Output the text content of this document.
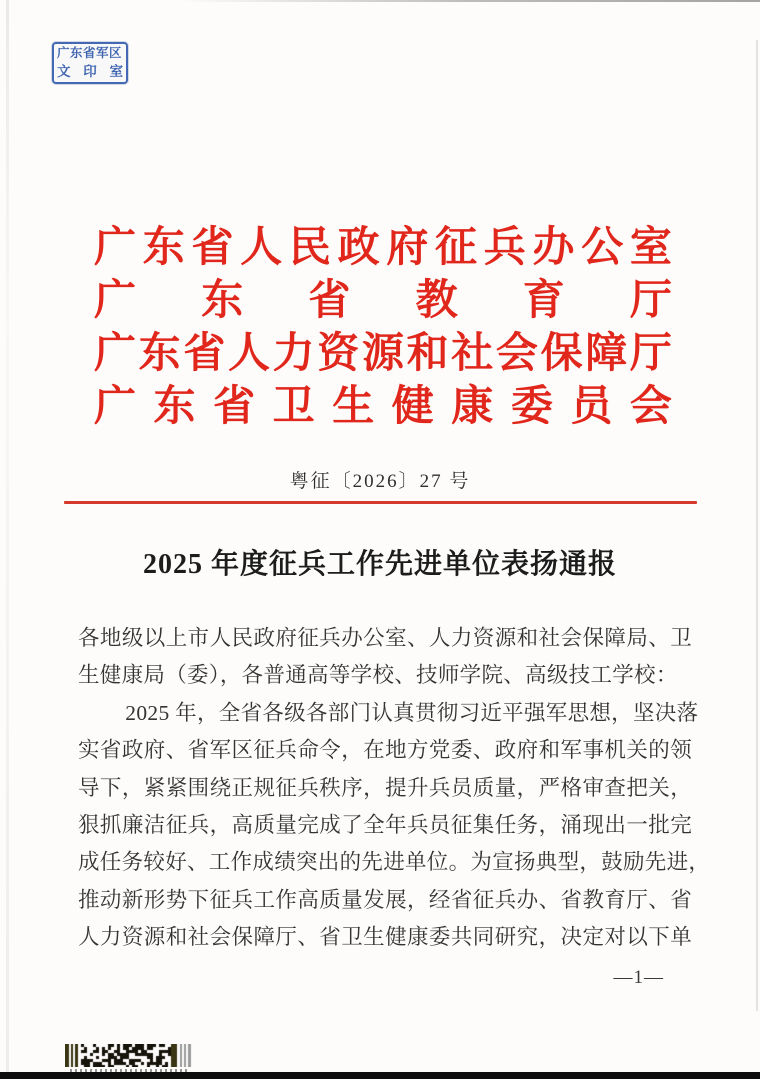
广东省军区
文 印 室
广 东 省 人 民 政 府 征 兵 办 公 室
广 东 省 教 育 厅
广 东 省 人 力 资 源 和 社 会 保 障 厅
广 东 省 卫 生 健 康 委 员 会
粤征〔2026〕27 号
2025 年度征兵工作先进单位表扬通报
各地级以上市人民政府征兵办公室、人力资源和社会保障局、卫
生健康局（委），各普通高等学校、技师学院、高级技工学校：
2025 年，全省各级各部门认真贯彻习近平强军思想，坚决落
实省政府、省军区征兵命令，在地方党委、政府和军事机关的领
导下，紧紧围绕正规征兵秩序，提升兵员质量，严格审查把关，
狠抓廉洁征兵，高质量完成了全年兵员征集任务，涌现出一批完
成任务较好、工作成绩突出的先进单位。为宣扬典型，鼓励先进，
推动新形势下征兵工作高质量发展，经省征兵办、省教育厅、省
人力资源和社会保障厅、省卫生健康委共同研究，决定对以下单
—1—
